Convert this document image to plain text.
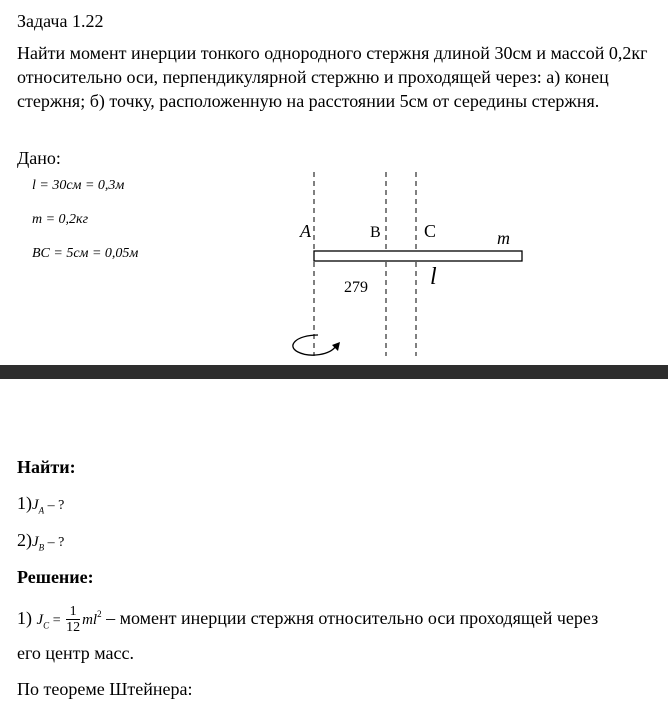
Задача 1.22
Найти момент инерции тонкого однородного стержня длиной 30см и массой 0,2кг относительно оси, перпендикулярной стержню и проходящей через: а) конец стержня; б) точку, расположенную на расстоянии 5см от середины стержня.
Дано:
l = 30см = 0,3м
m = 0,2кг
BC = 5см = 0,05м
A	B C	m
l
279
Найти:
$1)J_A$ – ?
$2)J_B$ – ?
Решение:
1) $J_C = \frac{1}{12} ml^2$ – момент инерции стержня относительно оси проходящей через
его центр масс.
По теореме Штейнера:
